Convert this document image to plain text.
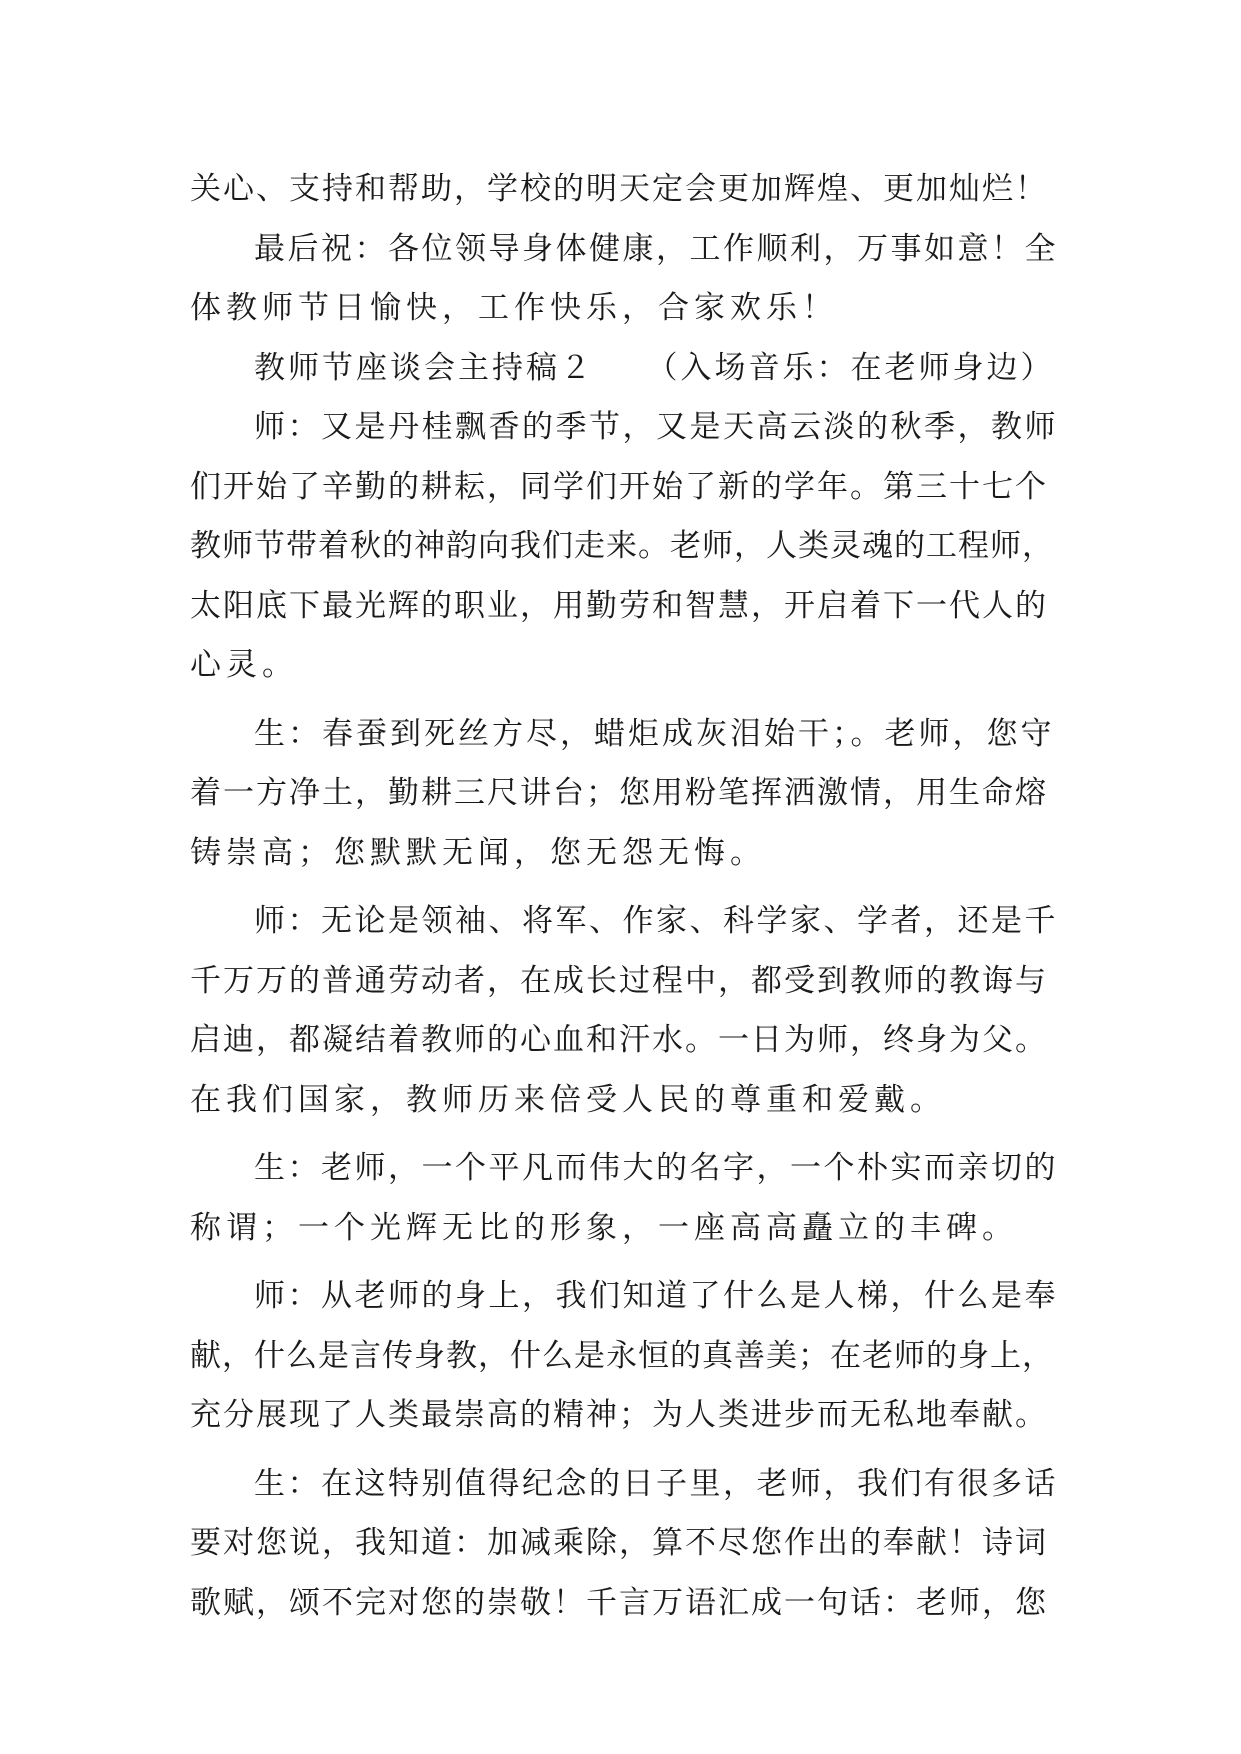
关心、支持和帮助，学校的明天定会更加辉煌、更加灿烂！
最后祝：各位领导身体健康，工作顺利，万事如意！全
体教师节日愉快，工作快乐，合家欢乐！
教师节座谈会主持稿２　　（入场音乐：在老师身边）
师：又是丹桂飘香的季节，又是天高云淡的秋季，教师
们开始了辛勤的耕耘，同学们开始了新的学年。第三十七个
教师节带着秋的神韵向我们走来。老师，人类灵魂的工程师，
太阳底下最光辉的职业，用勤劳和智慧，开启着下一代人的
心灵。
生：春蚕到死丝方尽，蜡炬成灰泪始干；。老师，您守
着一方净土，勤耕三尺讲台；您用粉笔挥洒激情，用生命熔
铸崇高；您默默无闻，您无怨无悔。
师：无论是领袖、将军、作家、科学家、学者，还是千
千万万的普通劳动者，在成长过程中，都受到教师的教诲与
启迪，都凝结着教师的心血和汗水。一日为师，终身为父。
在我们国家，教师历来倍受人民的尊重和爱戴。
生：老师，一个平凡而伟大的名字，一个朴实而亲切的
称谓；一个光辉无比的形象，一座高高矗立的丰碑。
师：从老师的身上，我们知道了什么是人梯，什么是奉
献，什么是言传身教，什么是永恒的真善美；在老师的身上，
充分展现了人类最崇高的精神；为人类进步而无私地奉献。
生：在这特别值得纪念的日子里，老师，我们有很多话
要对您说，我知道：加减乘除，算不尽您作出的奉献！诗词
歌赋，颂不完对您的崇敬！千言万语汇成一句话：老师，您
